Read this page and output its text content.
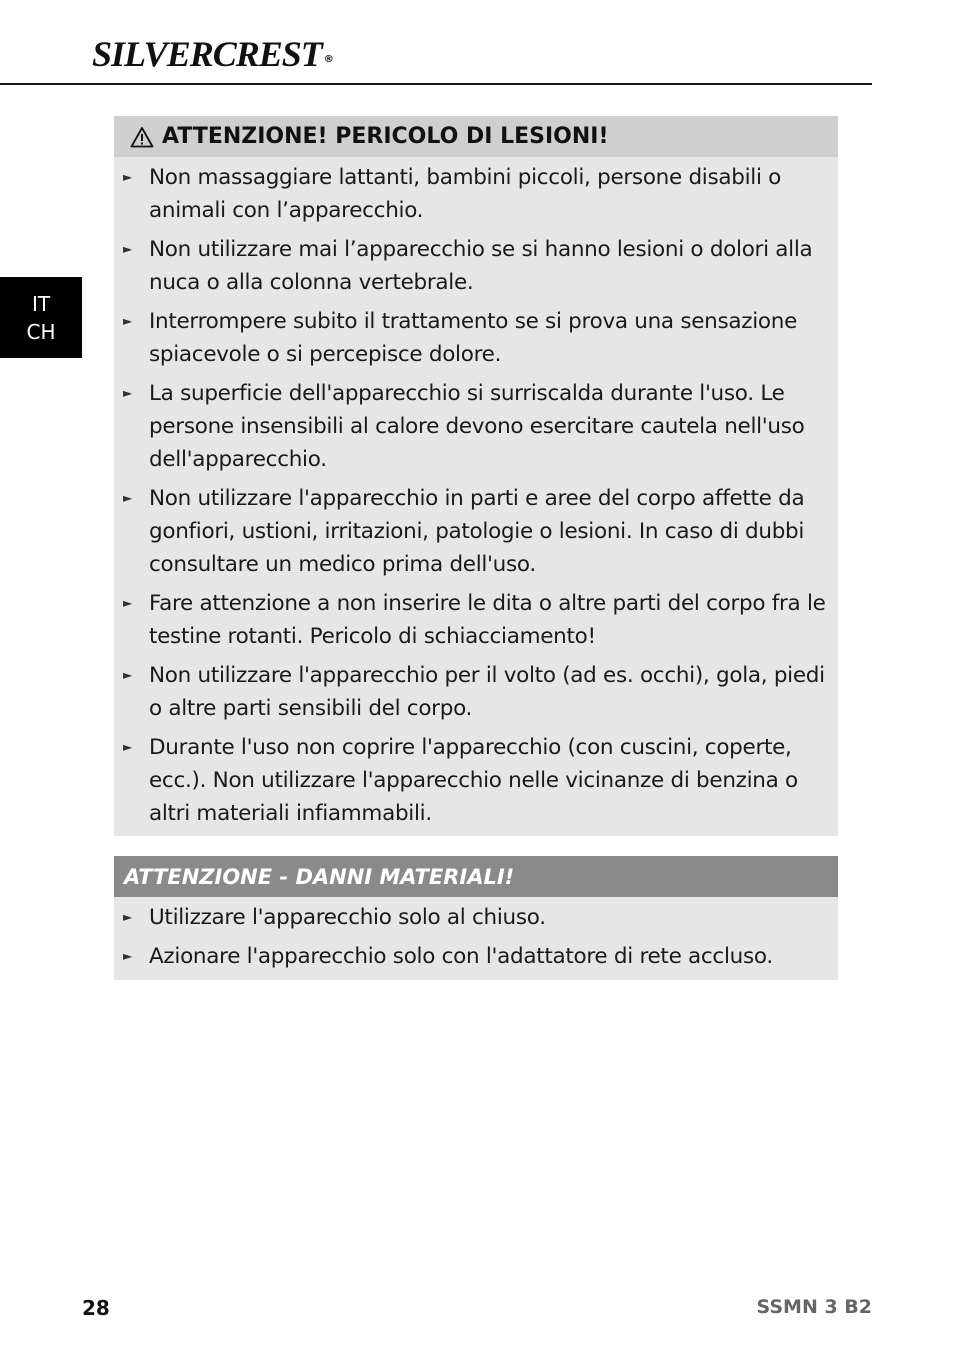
SILVERCREST ®
IT
CH
ATTENZIONE! PERICOLO DI LESIONI!
► Non massaggiare lattanti, bambini piccoli, persone disabili o animali con l’apparecchio.
► Non utilizzare mai l’apparecchio se si hanno lesioni o dolori alla nuca o alla colonna vertebrale.
► Interrompere subito il trattamento se si prova una sensazione spiacevole o si percepisce dolore.
► La superficie dell'apparecchio si surriscalda durante l'uso. Le persone insensibili al calore devono esercitare cautela nell'uso dell'apparecchio.
► Non utilizzare l'apparecchio in parti e aree del corpo affette da gonfiori, ustioni, irritazioni, patologie o lesioni. In caso di dubbi consultare un medico prima dell'uso.
► Fare attenzione a non inserire le dita o altre parti del corpo fra le testine rotanti. Pericolo di schiacciamento!
► Non utilizzare l'apparecchio per il volto (ad es. occhi), gola, piedi o altre parti sensibili del corpo.
► Durante l'uso non coprire l'apparecchio (con cuscini, coperte, ecc.). Non utilizzare l'apparecchio nelle vicinanze di benzina o altri materiali infiammabili.
ATTENZIONE - DANNI MATERIALI!
► Utilizzare l'apparecchio solo al chiuso.
► Azionare l'apparecchio solo con l'adattatore di rete accluso.
28	SSMN 3 B2
